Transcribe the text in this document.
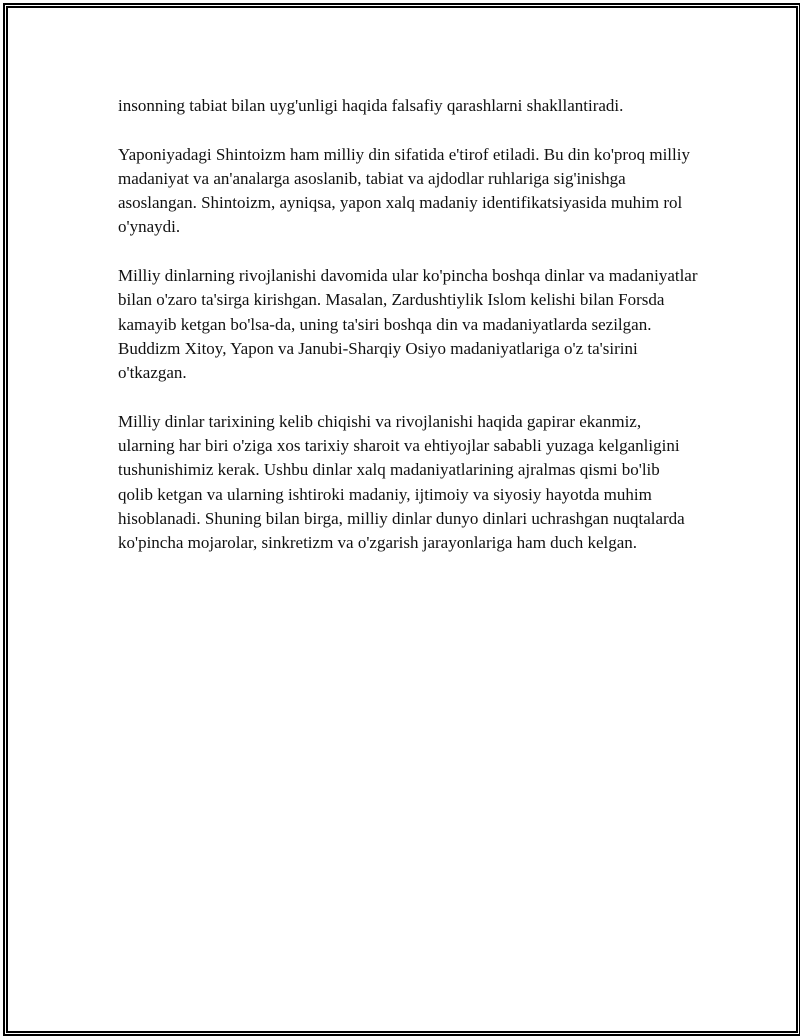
insonning tabiat bilan uyg'unligi haqida falsafiy qarashlarni shakllantiradi.

Yaponiyadagi Shintoizm ham milliy din sifatida e'tirof etiladi. Bu din ko'proq milliy madaniyat va an'analarga asoslanib, tabiat va ajdodlar ruhlariga sig'inishga asoslangan. Shintoizm, ayniqsa, yapon xalq madaniy identifikatsiyasida muhim rol o'ynaydi.

Milliy dinlarning rivojlanishi davomida ular ko'pincha boshqa dinlar va madaniyatlar bilan o'zaro ta'sirga kirishgan. Masalan, Zardushtiylik Islom kelishi bilan Forsda kamayib ketgan bo'lsa-da, uning ta'siri boshqa din va madaniyatlarda sezilgan. Buddizm Xitoy, Yapon va Janubi-Sharqiy Osiyo madaniyatlariga o'z ta'sirini o'tkazgan.

Milliy dinlar tarixining kelib chiqishi va rivojlanishi haqida gapirar ekanmiz, ularning har biri o'ziga xos tarixiy sharoit va ehtiyojlar sababli yuzaga kelganligini tushunishimiz kerak. Ushbu dinlar xalq madaniyatlarining ajralmas qismi bo'lib qolib ketgan va ularning ishtiroki madaniy, ijtimoiy va siyosiy hayotda muhim hisoblanadi. Shuning bilan birga, milliy dinlar dunyo dinlari uchrashgan nuqtalarda ko'pincha mojarolar, sinkretizm va o'zgarish jarayonlariga ham duch kelgan.
